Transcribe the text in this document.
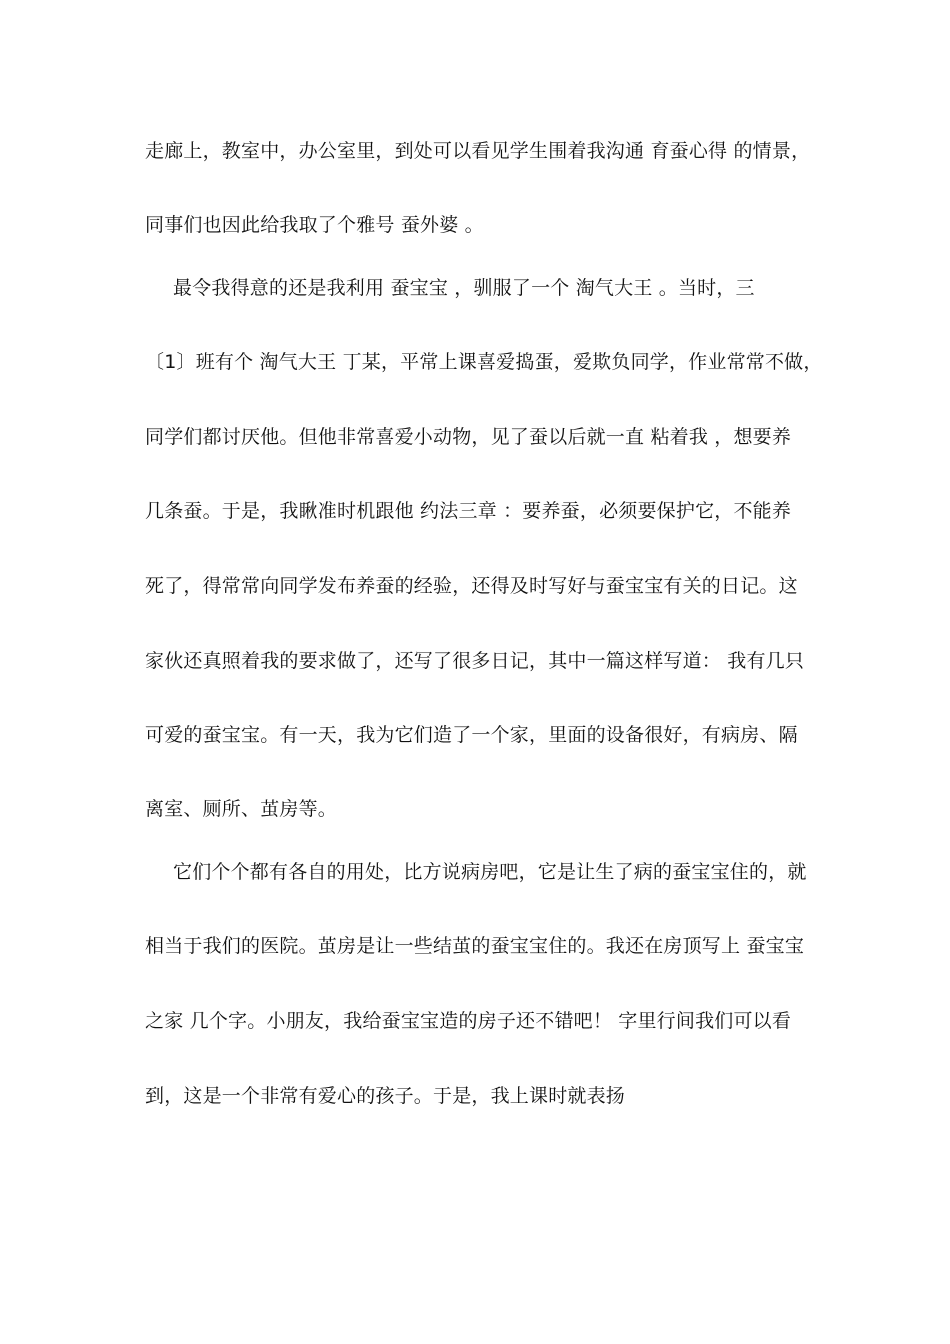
走廊上，教室中，办公室里，到处可以看见学生围着我沟通 育蚕心得 的情景，
同事们也因此给我取了个雅号 蚕外婆 。
最令我得意的还是我利用 蚕宝宝 ，驯服了一个 淘气大王 。当时，三
〔1〕班有个 淘气大王 丁某，平常上课喜爱捣蛋，爱欺负同学，作业常常不做，
同学们都讨厌他。但他非常喜爱小动物，见了蚕以后就一直 粘着我 ，想要养
几条蚕。于是，我瞅准时机跟他 约法三章 ：要养蚕，必须要保护它，不能养
死了，得常常向同学发布养蚕的经验，还得及时写好与蚕宝宝有关的日记。这
家伙还真照着我的要求做了，还写了很多日记，其中一篇这样写道： 我有几只
可爱的蚕宝宝。有一天，我为它们造了一个家，里面的设备很好，有病房、隔
离室、厕所、茧房等。
它们个个都有各自的用处，比方说病房吧，它是让生了病的蚕宝宝住的，就
相当于我们的医院。茧房是让一些结茧的蚕宝宝住的。我还在房顶写上 蚕宝宝
之家 几个字。小朋友，我给蚕宝宝造的房子还不错吧！ 字里行间我们可以看
到，这是一个非常有爱心的孩子。于是，我上课时就表扬
